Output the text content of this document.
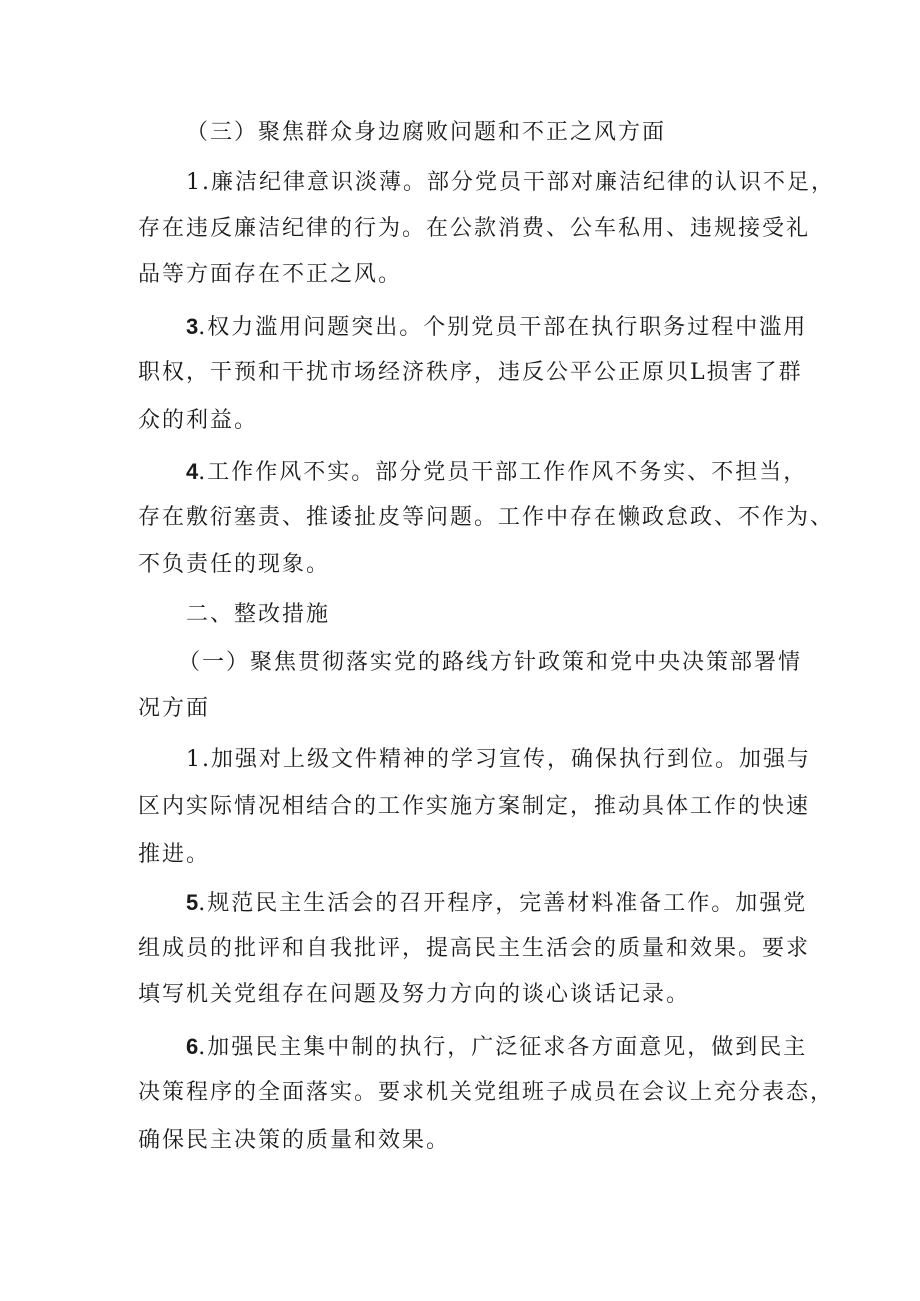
（三）聚焦群众身边腐败问题和不正之风方面
1.廉洁纪律意识淡薄。部分党员干部对廉洁纪律的认识不足，
存在违反廉洁纪律的行为。在公款消费、公车私用、违规接受礼
品等方面存在不正之风。
3.权力滥用问题突出。个别党员干部在执行职务过程中滥用
职权，干预和干扰市场经济秩序，违反公平公正原贝L损害了群
众的利益。
4.工作作风不实。部分党员干部工作作风不务实、不担当，
存在敷衍塞责、推诿扯皮等问题。工作中存在懒政怠政、不作为、
不负责任的现象。
二、整改措施
（一）聚焦贯彻落实党的路线方针政策和党中央决策部署情
况方面
1.加强对上级文件精神的学习宣传，确保执行到位。加强与
区内实际情况相结合的工作实施方案制定，推动具体工作的快速
推进。
5.规范民主生活会的召开程序，完善材料准备工作。加强党
组成员的批评和自我批评，提高民主生活会的质量和效果。要求
填写机关党组存在问题及努力方向的谈心谈话记录。
6.加强民主集中制的执行，广泛征求各方面意见，做到民主
决策程序的全面落实。要求机关党组班子成员在会议上充分表态，
确保民主决策的质量和效果。
